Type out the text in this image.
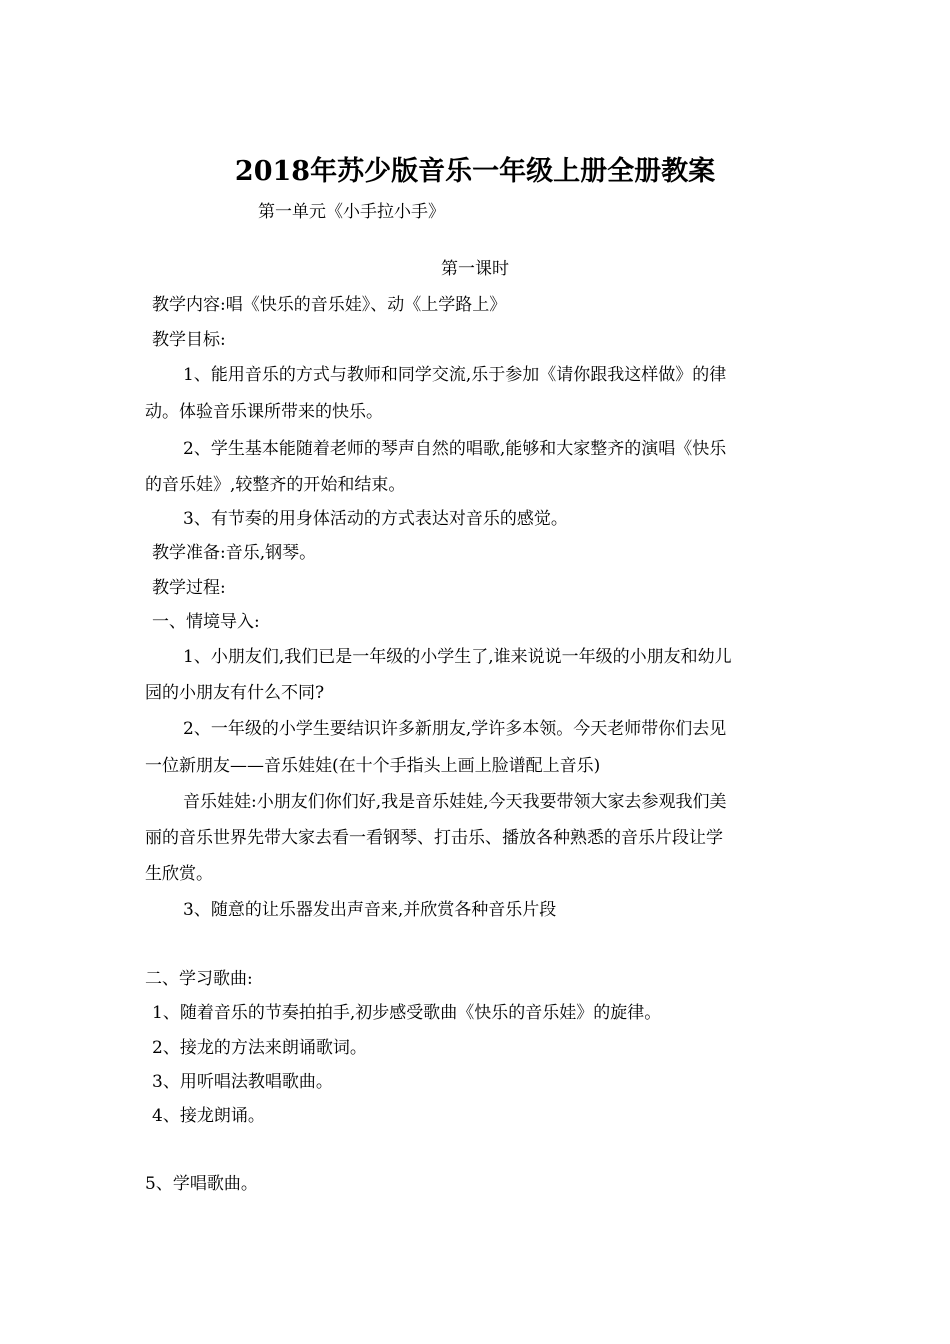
2018年苏少版音乐一年级上册全册教案
第一单元《小手拉小手》
第一课时
教学内容:唱《快乐的音乐娃》、动《上学路上》
教学目标:
1、能用音乐的方式与教师和同学交流,乐于参加《请你跟我这样做》的律
动。体验音乐课所带来的快乐。
2、学生基本能随着老师的琴声自然的唱歌,能够和大家整齐的演唱《快乐
的音乐娃》,较整齐的开始和结束。
3、有节奏的用身体活动的方式表达对音乐的感觉。
教学准备:音乐,钢琴。
教学过程:
一、情境导入:
1、小朋友们,我们已是一年级的小学生了,谁来说说一年级的小朋友和幼儿
园的小朋友有什么不同?
2、一年级的小学生要结识许多新朋友,学许多本领。今天老师带你们去见
一位新朋友——音乐娃娃(在十个手指头上画上脸谱配上音乐)
音乐娃娃:小朋友们你们好,我是音乐娃娃,今天我要带领大家去参观我们美
丽的音乐世界先带大家去看一看钢琴、打击乐、播放各种熟悉的音乐片段让学
生欣赏。
3、随意的让乐器发出声音来,并欣赏各种音乐片段
二、学习歌曲:
1、随着音乐的节奏拍拍手,初步感受歌曲《快乐的音乐娃》的旋律。
2、接龙的方法来朗诵歌词。
3、用听唱法教唱歌曲。
4、接龙朗诵。
5、学唱歌曲。
